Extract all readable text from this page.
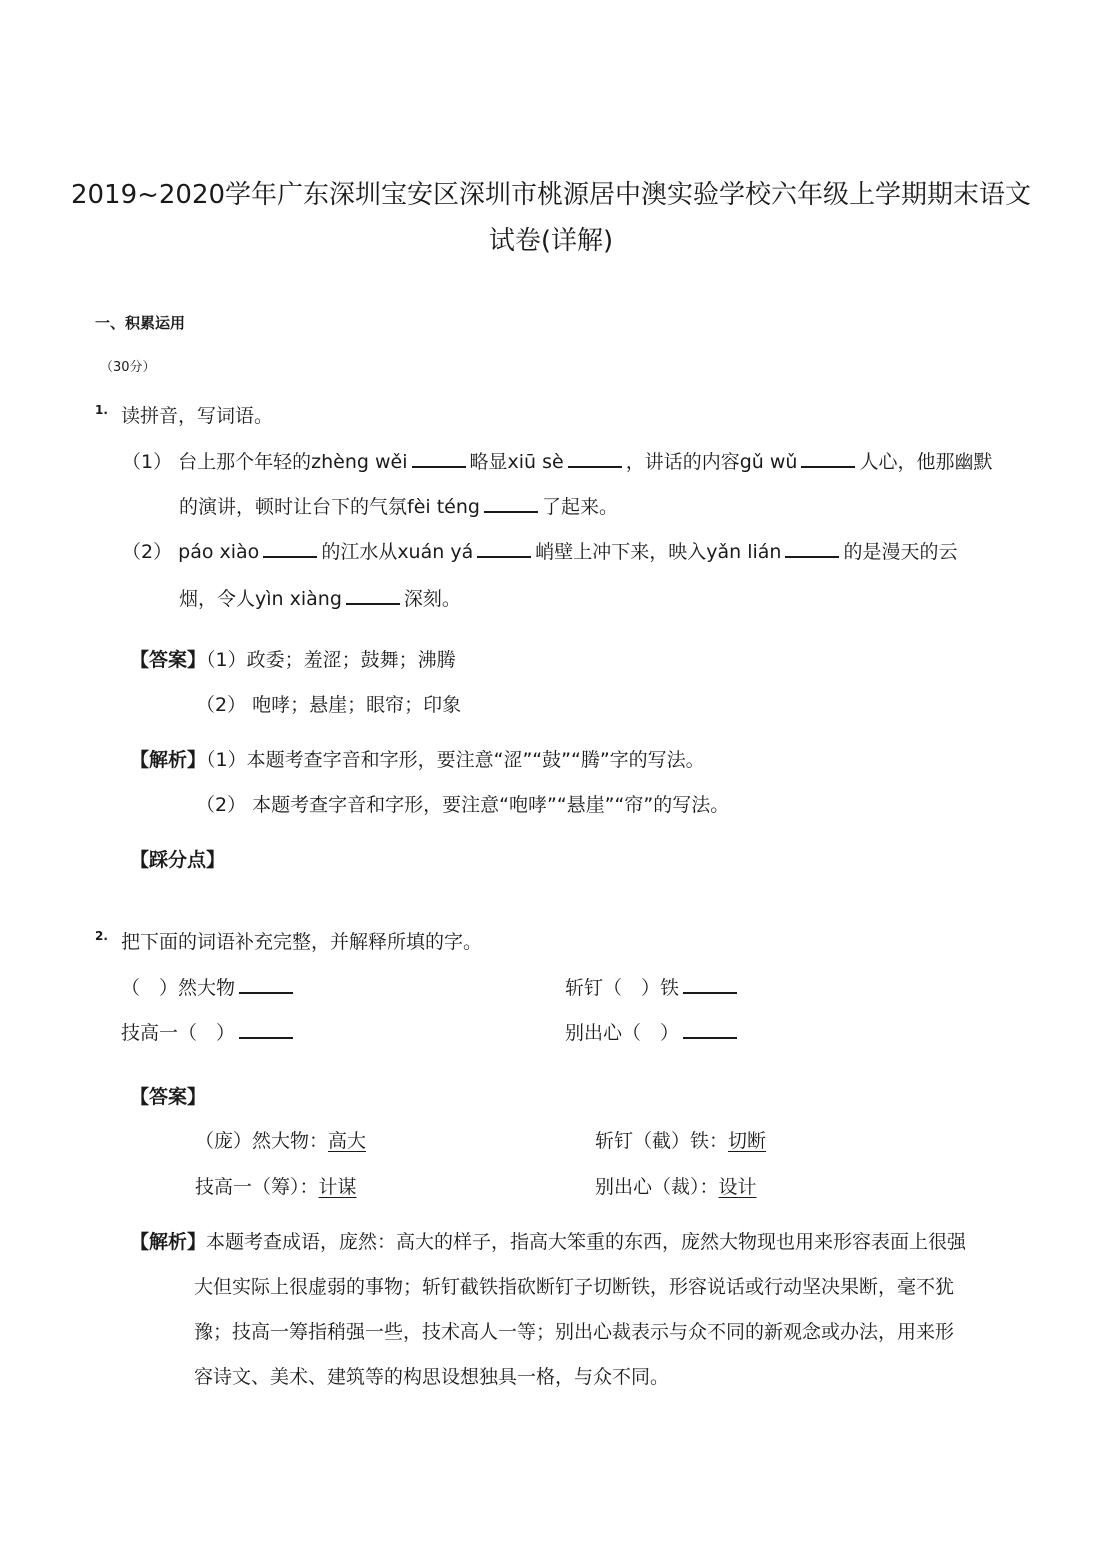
2019~2020学年广东深圳宝安区深圳市桃源居中澳实验学校六年级上学期期末语文
试卷(详解)
一、积累运用
（30分）
1. 读拼音，写词语。
（1） 台上那个年轻的zhèng wěi	略显xiū sè	，讲话的内容gǔ wǔ	人心，他那幽默
的演讲，顿时让台下的气氛fèi téng	了起来。
（2） páo xiào	的江水从xuán yá	峭壁上冲下来，映入yǎn lián	的是漫天的云
烟，令人yìn xiàng	深刻。
【答案】（1）政委；羞涩；鼓舞；沸腾
（2） 咆哮；悬崖；眼帘；印象
【解析】（1）本题考查字音和字形，要注意“涩”“鼓”“腾”字的写法。
（2） 本题考查字音和字形，要注意“咆哮”“悬崖”“帘”的写法。
【踩分点】
2. 把下面的词语补充完整，并解释所填的字。
（　）然大物	斩钉（　）铁
技高一（　）	别出心（　）
【答案】
（庞）然大物：高大	斩钉（截）铁：切断
技高一（筹）：计谋	别出心（裁）：设计
【解析】本题考查成语，庞然：高大的样子，指高大笨重的东西，庞然大物现也用来形容表面上很强
大但实际上很虚弱的事物；斩钉截铁指砍断钉子切断铁，形容说话或行动坚决果断，毫不犹
豫；技高一筹指稍强一些，技术高人一等；别出心裁表示与众不同的新观念或办法，用来形
容诗文、美术、建筑等的构思设想独具一格，与众不同。
